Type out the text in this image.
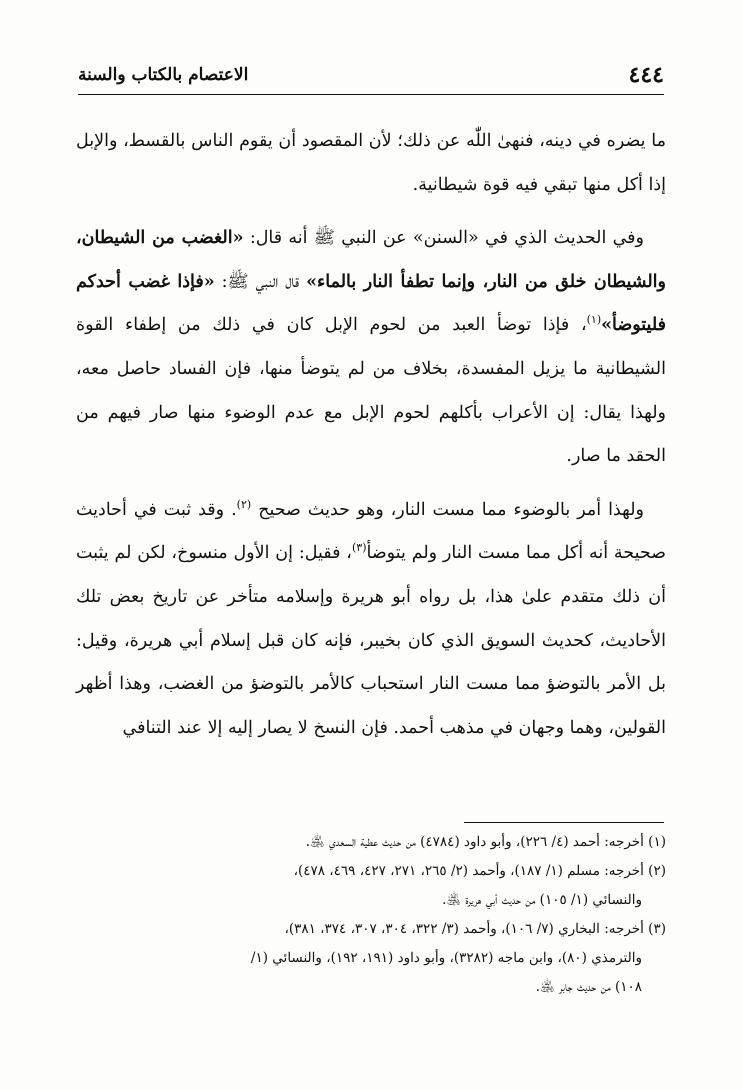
٤٤٤
الاعتصام بالكتاب والسنة

ما يضره في دينه، فنهىٰ اللّٰه عن ذلك؛ لأن المقصود أن يقوم الناس بالقسط، والإبل إذا أكل منها تبقي فيه قوة شيطانية.

وفي الحديث الذي في «السنن» عن النبي ﷺ أنه قال: «الغضب من الشيطان، والشيطان خلق من النار، وإنما تطفأ النار بالماء» قال النبي ﷺ: «فإذا غضب أحدكم فليتوضأ»$^{(١)}$، فإذا توضأ العبد من لحوم الإبل كان في ذلك من إطفاء القوة الشيطانية ما يزيل المفسدة، بخلاف من لم يتوضأ منها، فإن الفساد حاصل معه، ولهذا يقال: إن الأعراب بأكلهم لحوم الإبل مع عدم الوضوء منها صار فيهم من الحقد ما صار.

ولهذا أمر بالوضوء مما مست النار، وهو حديث صحيح $^{(٢)}$. وقد ثبت في أحاديث صحيحة أنه أكل مما مست النار ولم يتوضأ$^{(٣)}$، فقيل: إن الأول منسوخ، لكن لم يثبت أن ذلك متقدم علىٰ هذا، بل رواه أبو هريرة وإسلامه متأخر عن تاريخ بعض تلك الأحاديث، كحديث السويق الذي كان بخيبر، فإنه كان قبل إسلام أبي هريرة، وقيل: بل الأمر بالتوضؤ مما مست النار استحباب كالأمر بالتوضؤ من الغضب، وهذا أظهر القولين، وهما وجهان في مذهب أحمد. فإن النسخ لا يصار إليه إلا عند التنافي

(١) أخرجه: أحمد (٤/ ٢٢٦)، وأبو داود (٤٧٨٤) من حديث عطية السعدي ﵁.

(٢) أخرجه: مسلم (١/ ١٨٧)، وأحمد (٢/ ٢٦٥، ٢٧١، ٤٢٧، ٤٦٩، ٤٧٨)،

والنسائي (١/ ١٠٥) من حديث أبي هريرة ﵁.

(٣) أخرجه: البخاري (٧/ ١٠٦)، وأحمد (٣/ ٣٢٢، ٣٠٤، ٣٠٧، ٣٧٤، ٣٨١)،

والترمذي (٨٠)، وابن ماجه (٣٢٨٢)، وأبو داود (١٩١، ١٩٢)، والنسائي (١/

١٠٨) من حديث جابر ﵁.
